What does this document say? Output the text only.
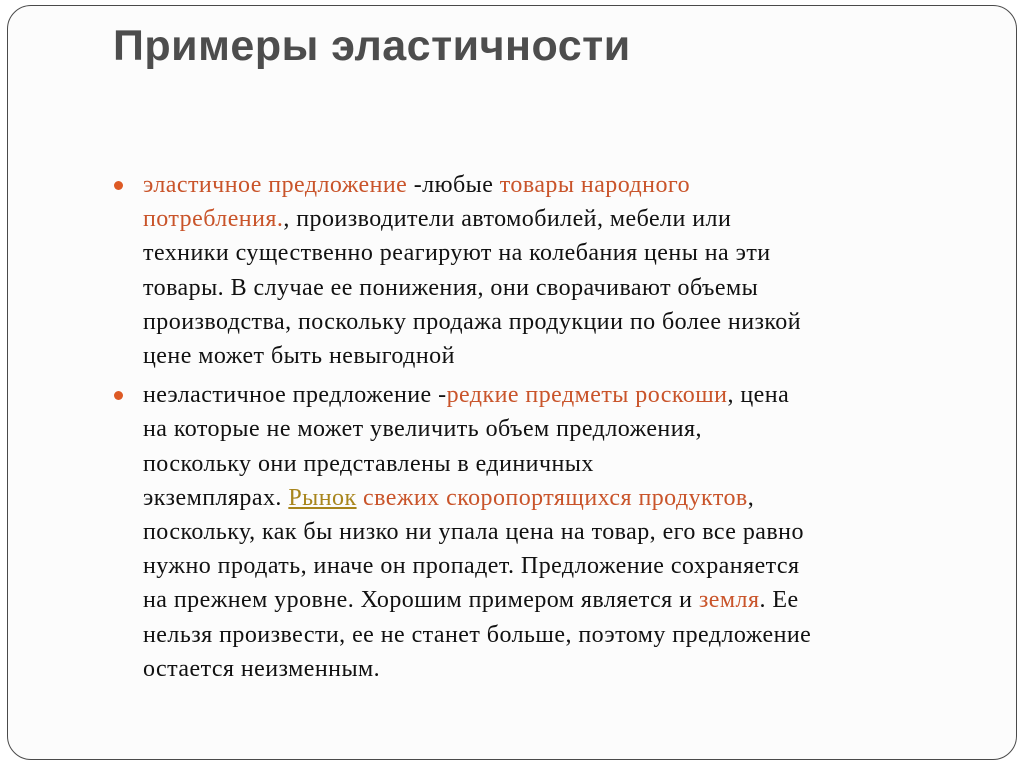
Примеры эластичности
эластичное предложение -любые товары народного
потребления., производители автомобилей, мебели или
техники существенно реагируют на колебания цены на эти
товары. В случае ее понижения, они сворачивают объемы
производства, поскольку продажа продукции по более низкой
цене может быть невыгодной
неэластичное предложение -редкие предметы роскоши, цена
на которые не может увеличить объем предложения,
поскольку они представлены в единичных
экземплярах. Рынок свежих скоропортящихся продуктов,
поскольку, как бы низко ни упала цена на товар, его все равно
нужно продать, иначе он пропадет. Предложение сохраняется
на прежнем уровне. Хорошим примером является и земля. Ее
нельзя произвести, ее не станет больше, поэтому предложение
остается неизменным.
